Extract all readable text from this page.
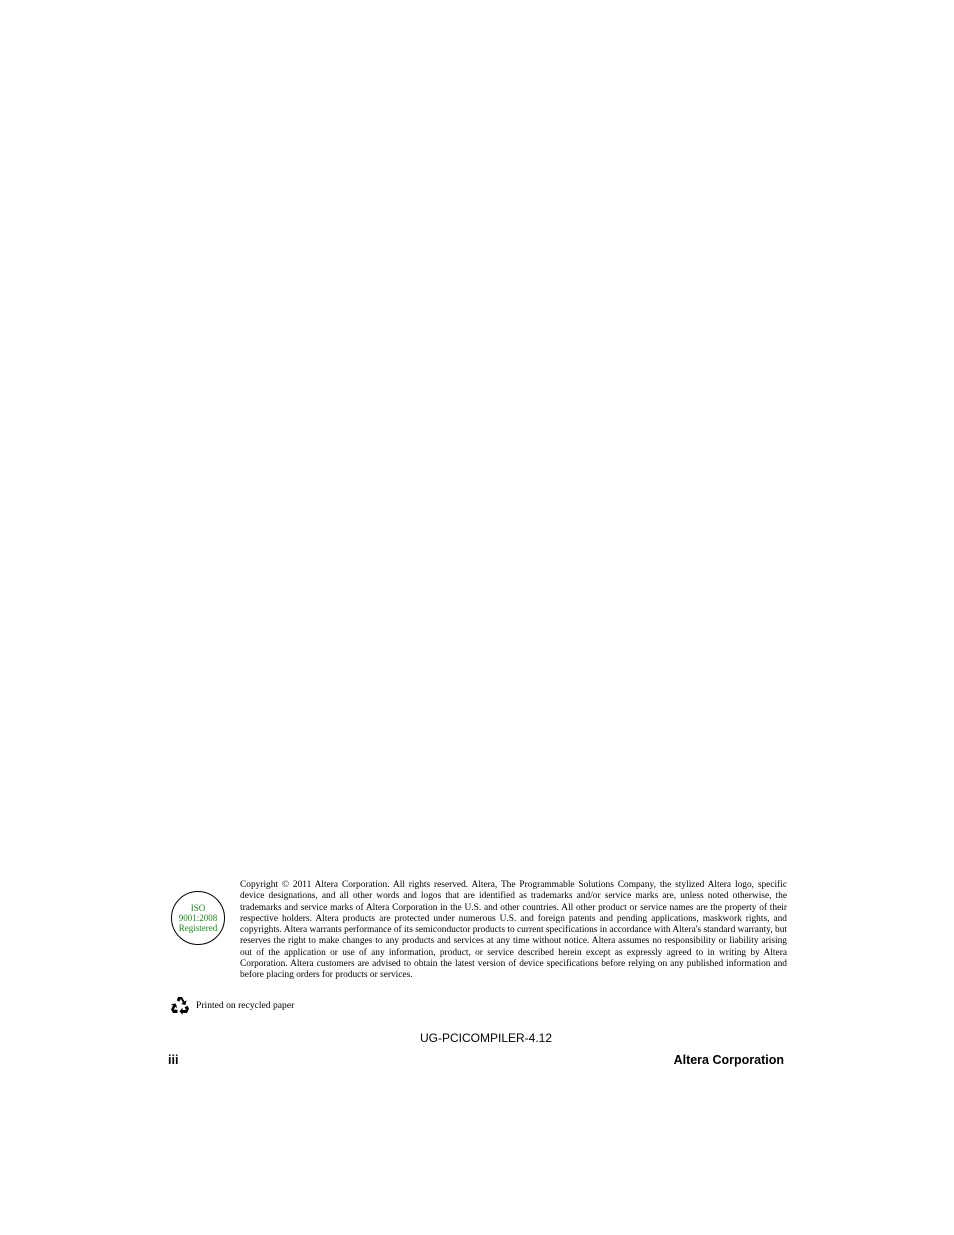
ISO
9001:2008
Registered

Copyright © 2011 Altera Corporation. All rights reserved. Altera, The Programmable Solutions Company, the stylized Altera logo, specific device designations, and all other words and logos that are identified as trademarks and/or service marks are, unless noted otherwise, the trademarks and service marks of Altera Corporation in the U.S. and other countries. All other product or service names are the property of their respective holders. Altera products are protected under numerous U.S. and foreign patents and pending applications, maskwork rights, and copyrights. Altera warrants performance of its semiconductor products to current specifications in accordance with Altera's standard warranty, but reserves the right to make changes to any products and services at any time without notice. Altera assumes no responsibility or liability arising out of the application or use of any information, product, or service described herein except as expressly agreed to in writing by Altera Corporation. Altera customers are advised to obtain the latest version of device specifications before relying on any published information and before placing orders for products or services.

Printed on recycled paper
UG-PCICOMPILER-4.12
iii	Altera Corporation
